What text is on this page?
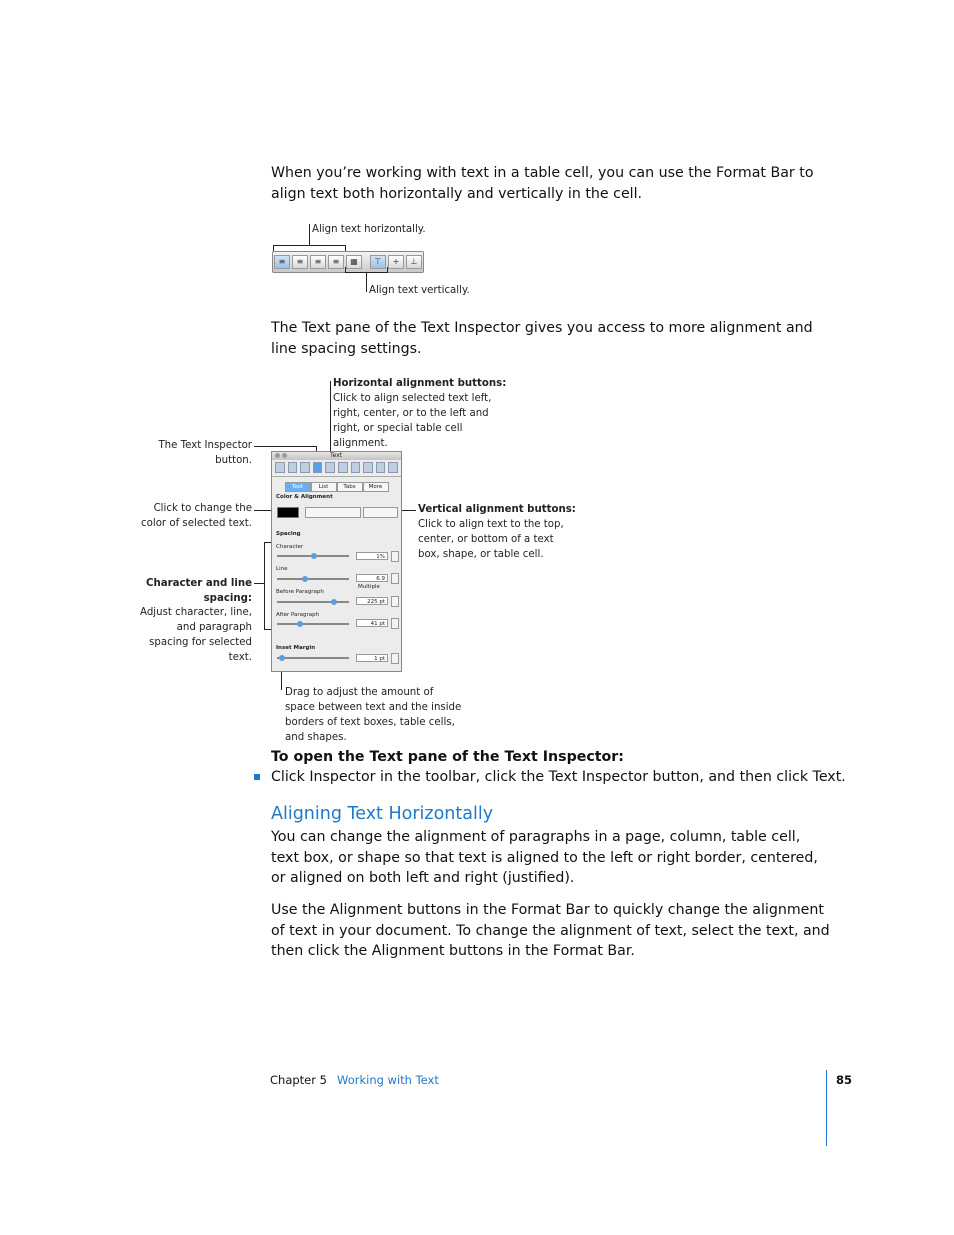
When you’re working with text in a table cell, you can use the Format Bar to align text both horizontally and vertically in the cell.

Align text horizontally.
≡	≡	≡	≡	▦	⊤	+	⊥
Align text vertically.

The Text pane of the Text Inspector gives you access to more alignment and line spacing settings.

Horizontal alignment buttons:
Click to align selected text left, right, center, or to the left and right, or special table cell alignment.
The Text Inspector button.
Click to change the color of selected text.
Vertical alignment buttons:
Click to align text to the top, center, or bottom of a text box, shape, or table cell.
Character and line spacing:
Adjust character, line, and paragraph spacing for selected text.
Drag to adjust the amount of space between text and the inside borders of text boxes, table cells, and shapes.
Text
Text	List	Tabs	More
Color & Alignment
Spacing
Character
1%
Line
6.9
Multiple
Before Paragraph
225 pt
After Paragraph
41 pt
Inset Margin
1 pt
To open the Text pane of the Text Inspector:
Click Inspector in the toolbar, click the Text Inspector button, and then click Text.
Aligning Text Horizontally

You can change the alignment of paragraphs in a page, column, table cell, text box, or shape so that text is aligned to the left or right border, centered, or aligned on both left and right (justified).

Use the Alignment buttons in the Format Bar to quickly change the alignment of text in your document. To change the alignment of text, select the text, and then click the Alignment buttons in the Format Bar.

Chapter 5 Working with Text	85
